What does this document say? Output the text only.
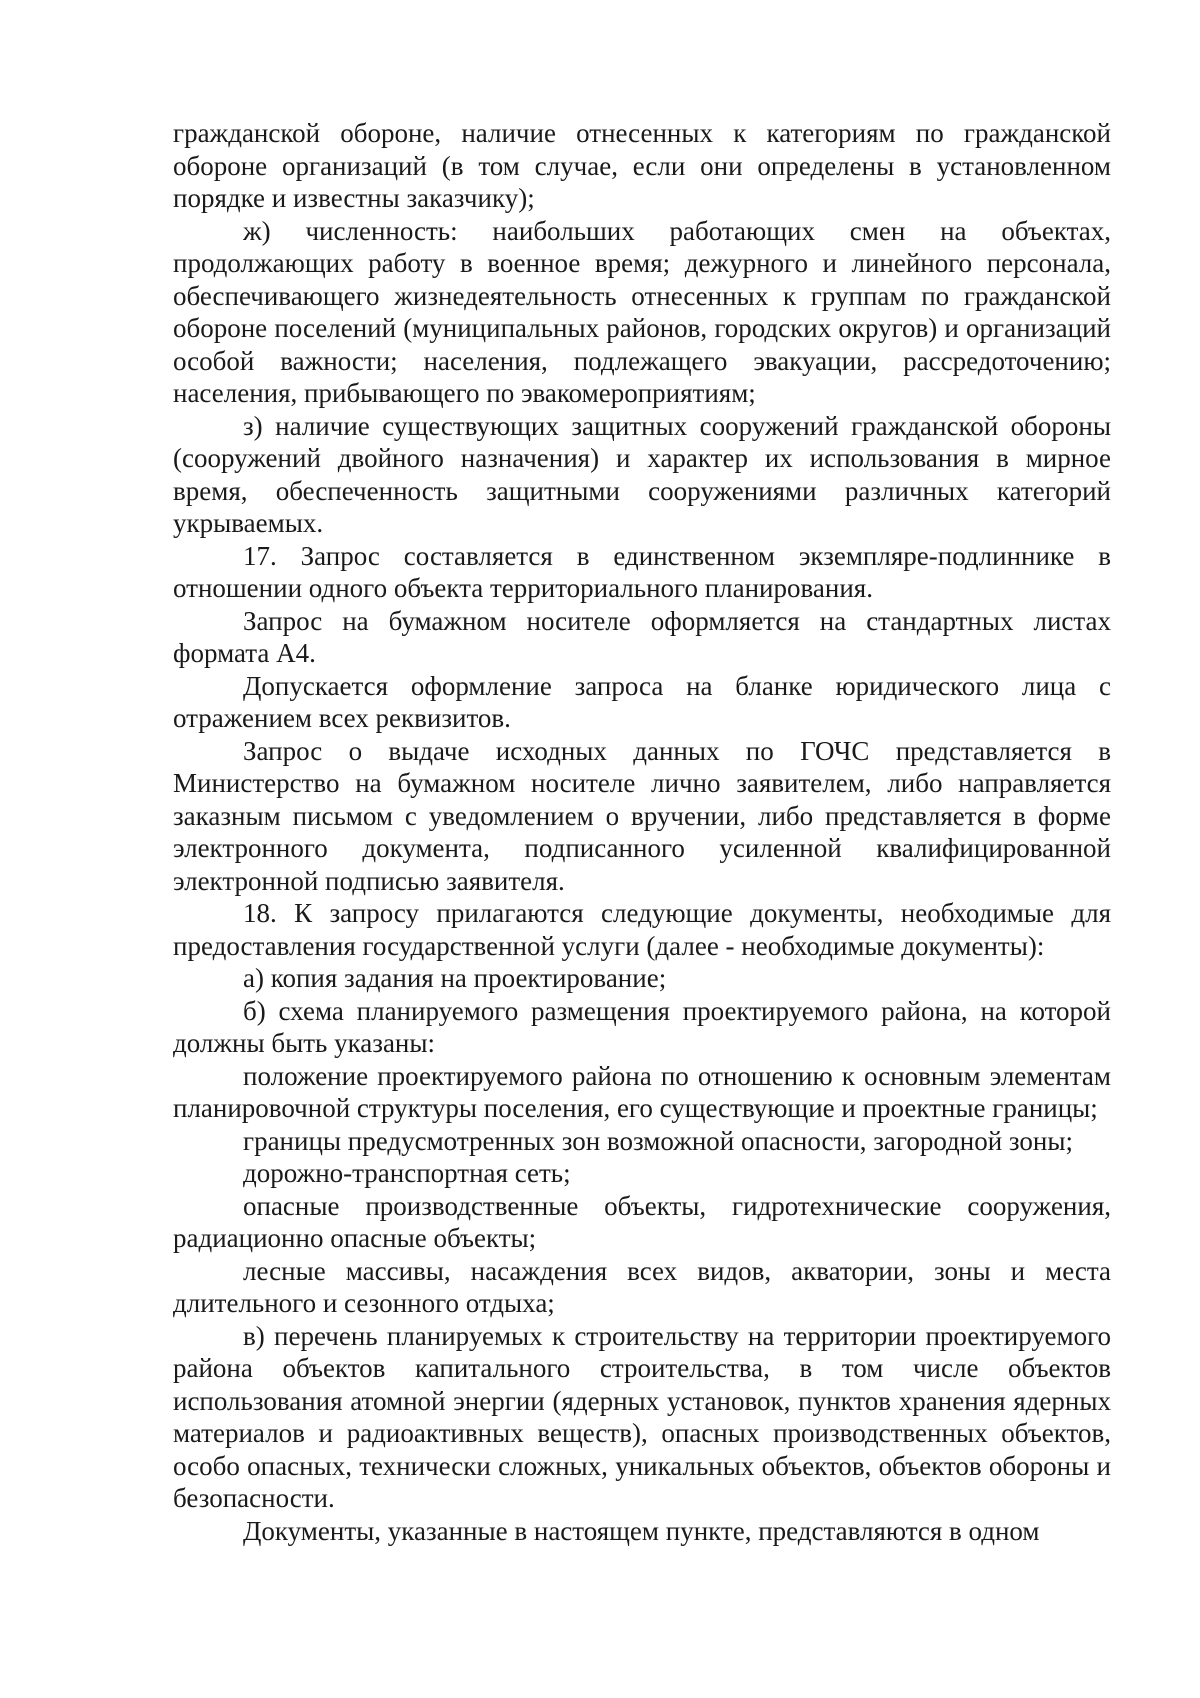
гражданской обороне, наличие отнесенных к категориям по гражданской обороне организаций (в том случае, если они определены в установленном порядке и известны заказчику);

ж) численность: наибольших работающих смен на объектах, продолжающих работу в военное время; дежурного и линейного персонала, обеспечивающего жизнедеятельность отнесенных к группам по гражданской обороне поселений (муниципальных районов, городских округов) и организаций особой важности; населения, подлежащего эвакуации, рассредоточению; населения, прибывающего по эвакомероприятиям;

з) наличие существующих защитных сооружений гражданской обороны (сооружений двойного назначения) и характер их использования в мирное время, обеспеченность защитными сооружениями различных категорий укрываемых.

17. Запрос составляется в единственном экземпляре-подлиннике в отношении одного объекта территориального планирования.

Запрос на бумажном носителе оформляется на стандартных листах формата А4.

Допускается оформление запроса на бланке юридического лица с отражением всех реквизитов.

Запрос о выдаче исходных данных по ГОЧС представляется в Министерство на бумажном носителе лично заявителем, либо направляется заказным письмом с уведомлением о вручении, либо представляется в форме электронного документа, подписанного усиленной квалифицированной электронной подписью заявителя.

18. К запросу прилагаются следующие документы, необходимые для предоставления государственной услуги (далее - необходимые документы):

а) копия задания на проектирование;

б) схема планируемого размещения проектируемого района, на которой должны быть указаны:

положение проектируемого района по отношению к основным элементам планировочной структуры поселения, его существующие и проектные границы;

границы предусмотренных зон возможной опасности, загородной зоны;

дорожно-транспортная сеть;

опасные производственные объекты, гидротехнические сооружения, радиационно опасные объекты;

лесные массивы, насаждения всех видов, акватории, зоны и места длительного и сезонного отдыха;

в) перечень планируемых к строительству на территории проектируемого района объектов капитального строительства, в том числе объектов использования атомной энергии (ядерных установок, пунктов хранения ядерных материалов и радиоактивных веществ), опасных производственных объектов, особо опасных, технически сложных, уникальных объектов, объектов обороны и безопасности.

Документы, указанные в настоящем пункте, представляются в одном
